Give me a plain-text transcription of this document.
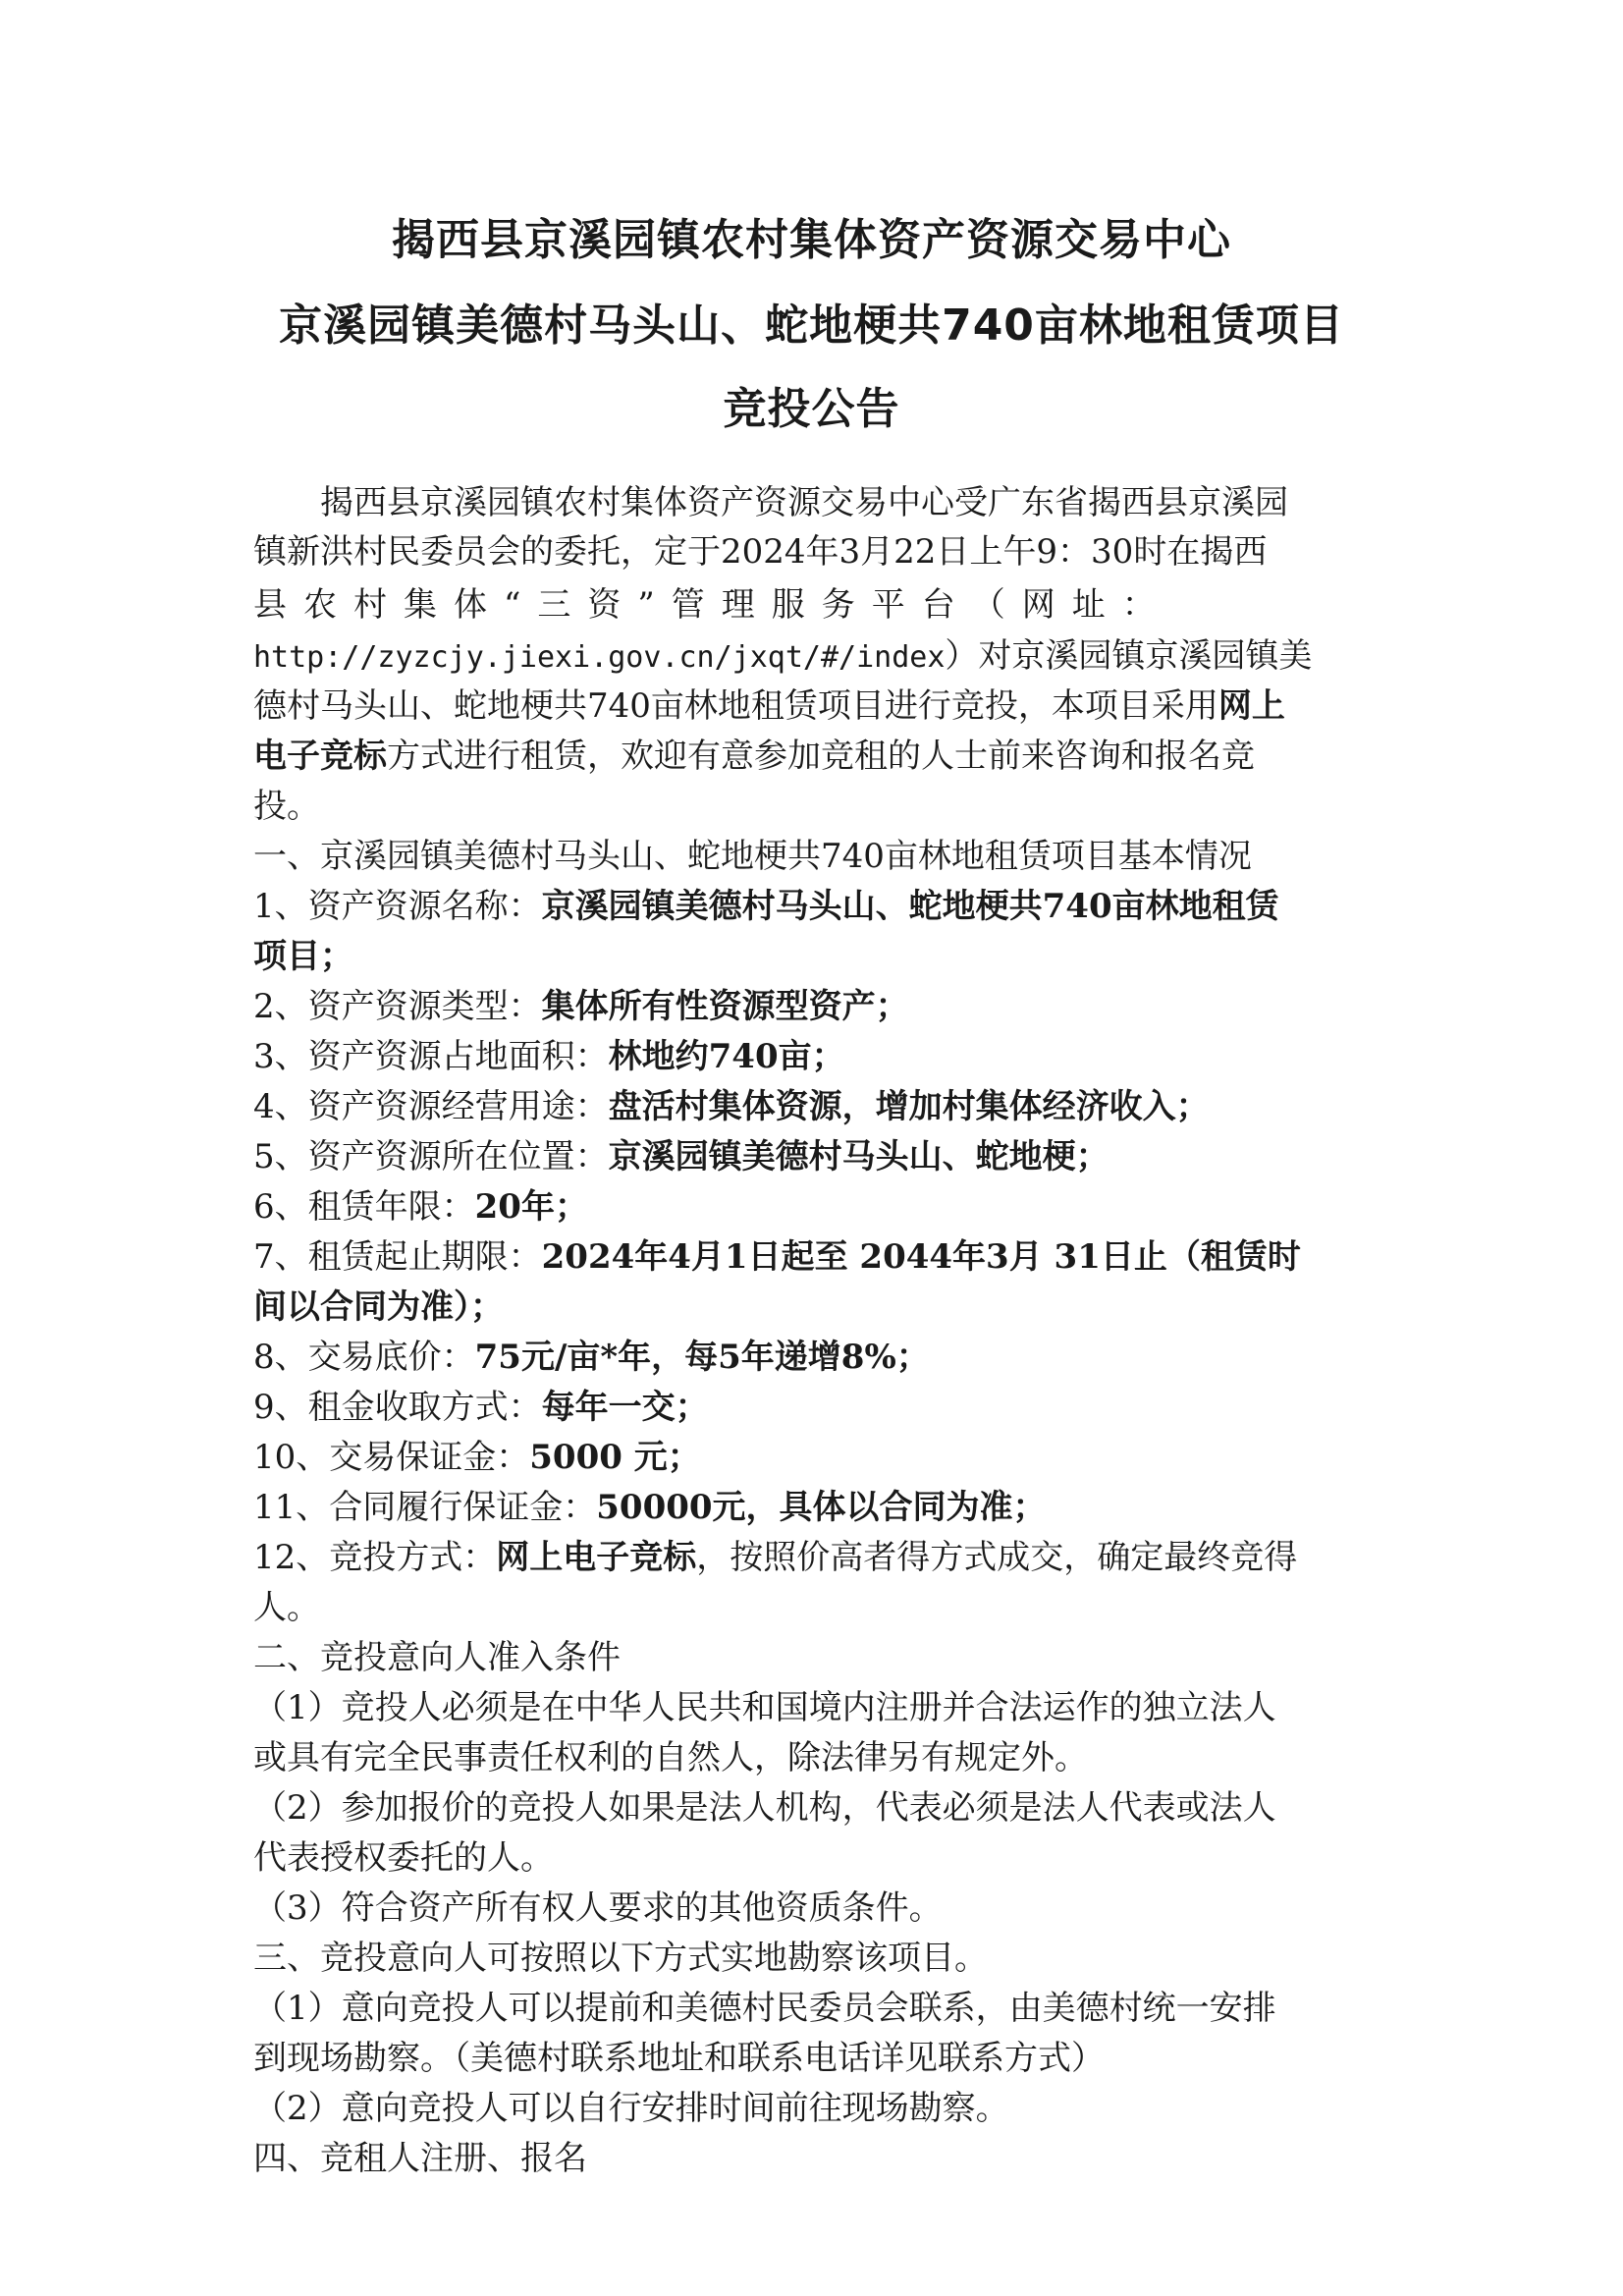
揭西县京溪园镇农村集体资产资源交易中心
京溪园镇美德村马头山、蛇地梗共740亩林地租赁项目
竞投公告
揭西县京溪园镇农村集体资产资源交易中心受广东省揭西县京溪园
镇新洪村民委员会的委托，定于2024年3月22日上午9：30时在揭西
县农村集体“三资”管理服务平台（网址：
http://zyzcjy.jiexi.gov.cn/jxqt/#/index）对京溪园镇京溪园镇美
德村马头山、蛇地梗共740亩林地租赁项目进行竞投，本项目采用网上
电子竞标方式进行租赁，欢迎有意参加竞租的人士前来咨询和报名竞
投。
一、京溪园镇美德村马头山、蛇地梗共740亩林地租赁项目基本情况
1、资产资源名称：京溪园镇美德村马头山、蛇地梗共740亩林地租赁
项目；
2、资产资源类型：集体所有性资源型资产；
3、资产资源占地面积：林地约740亩；
4、资产资源经营用途：盘活村集体资源，增加村集体经济收入；
5、资产资源所在位置：京溪园镇美德村马头山、蛇地梗；
6、租赁年限：20年；
7、租赁起止期限：2024年4月1日起至 2044年3月 31日止（租赁时
间以合同为准）；
8、交易底价：75元/亩*年，每5年递增8%；
9、租金收取方式：每年一交；
10、交易保证金：5000 元；
11、合同履行保证金：50000元，具体以合同为准；
12、竞投方式：网上电子竞标，按照价高者得方式成交，确定最终竞得
人。
二、竞投意向人准入条件
（1）竞投人必须是在中华人民共和国境内注册并合法运作的独立法人
或具有完全民事责任权利的自然人，除法律另有规定外。
（2）参加报价的竞投人如果是法人机构，代表必须是法人代表或法人
代表授权委托的人。
（3）符合资产所有权人要求的其他资质条件。
三、竞投意向人可按照以下方式实地勘察该项目。
（1）意向竞投人可以提前和美德村民委员会联系，由美德村统一安排
到现场勘察。（美德村联系地址和联系电话详见联系方式）
（2）意向竞投人可以自行安排时间前往现场勘察。
四、竞租人注册、报名
